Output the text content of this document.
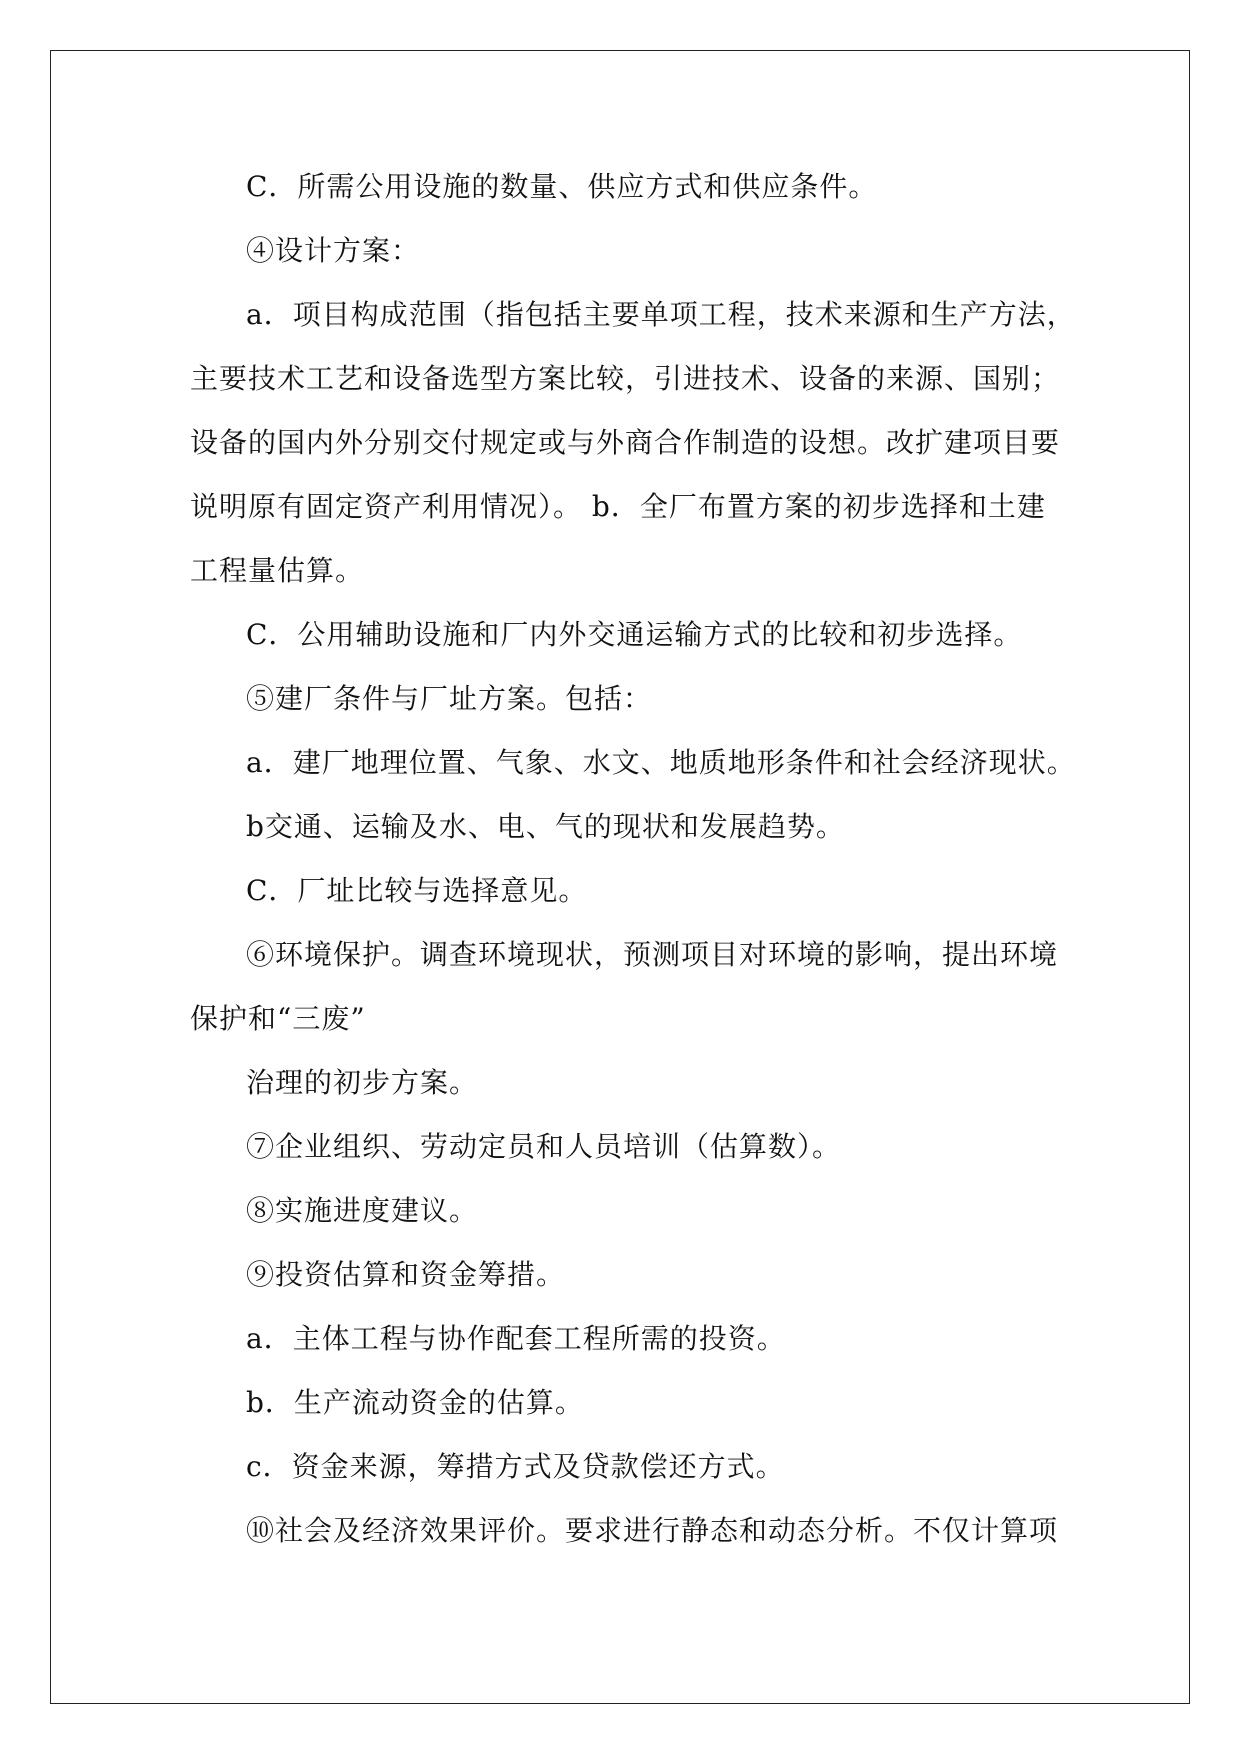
C．所需公用设施的数量、供应方式和供应条件。
④设计方案：
a．项目构成范围（指包括主要单项工程，技术来源和生产方法，
主要技术工艺和设备选型方案比较，引进技术、设备的来源、国别；
设备的国内外分别交付规定或与外商合作制造的设想。改扩建项目要
说明原有固定资产利用情况）。 b．全厂布置方案的初步选择和土建
工程量估算。
C．公用辅助设施和厂内外交通运输方式的比较和初步选择。
⑤建厂条件与厂址方案。包括：
a．建厂地理位置、气象、水文、地质地形条件和社会经济现状。
b交通、运输及水、电、气的现状和发展趋势。
C．厂址比较与选择意见。
⑥环境保护。调查环境现状，预测项目对环境的影响，提出环境
保护和“三废”
治理的初步方案。
⑦企业组织、劳动定员和人员培训（估算数）。
⑧实施进度建议。
⑨投资估算和资金筹措。
a．主体工程与协作配套工程所需的投资。
b．生产流动资金的估算。
c．资金来源，筹措方式及贷款偿还方式。
⑩社会及经济效果评价。要求进行静态和动态分析。不仅计算项
